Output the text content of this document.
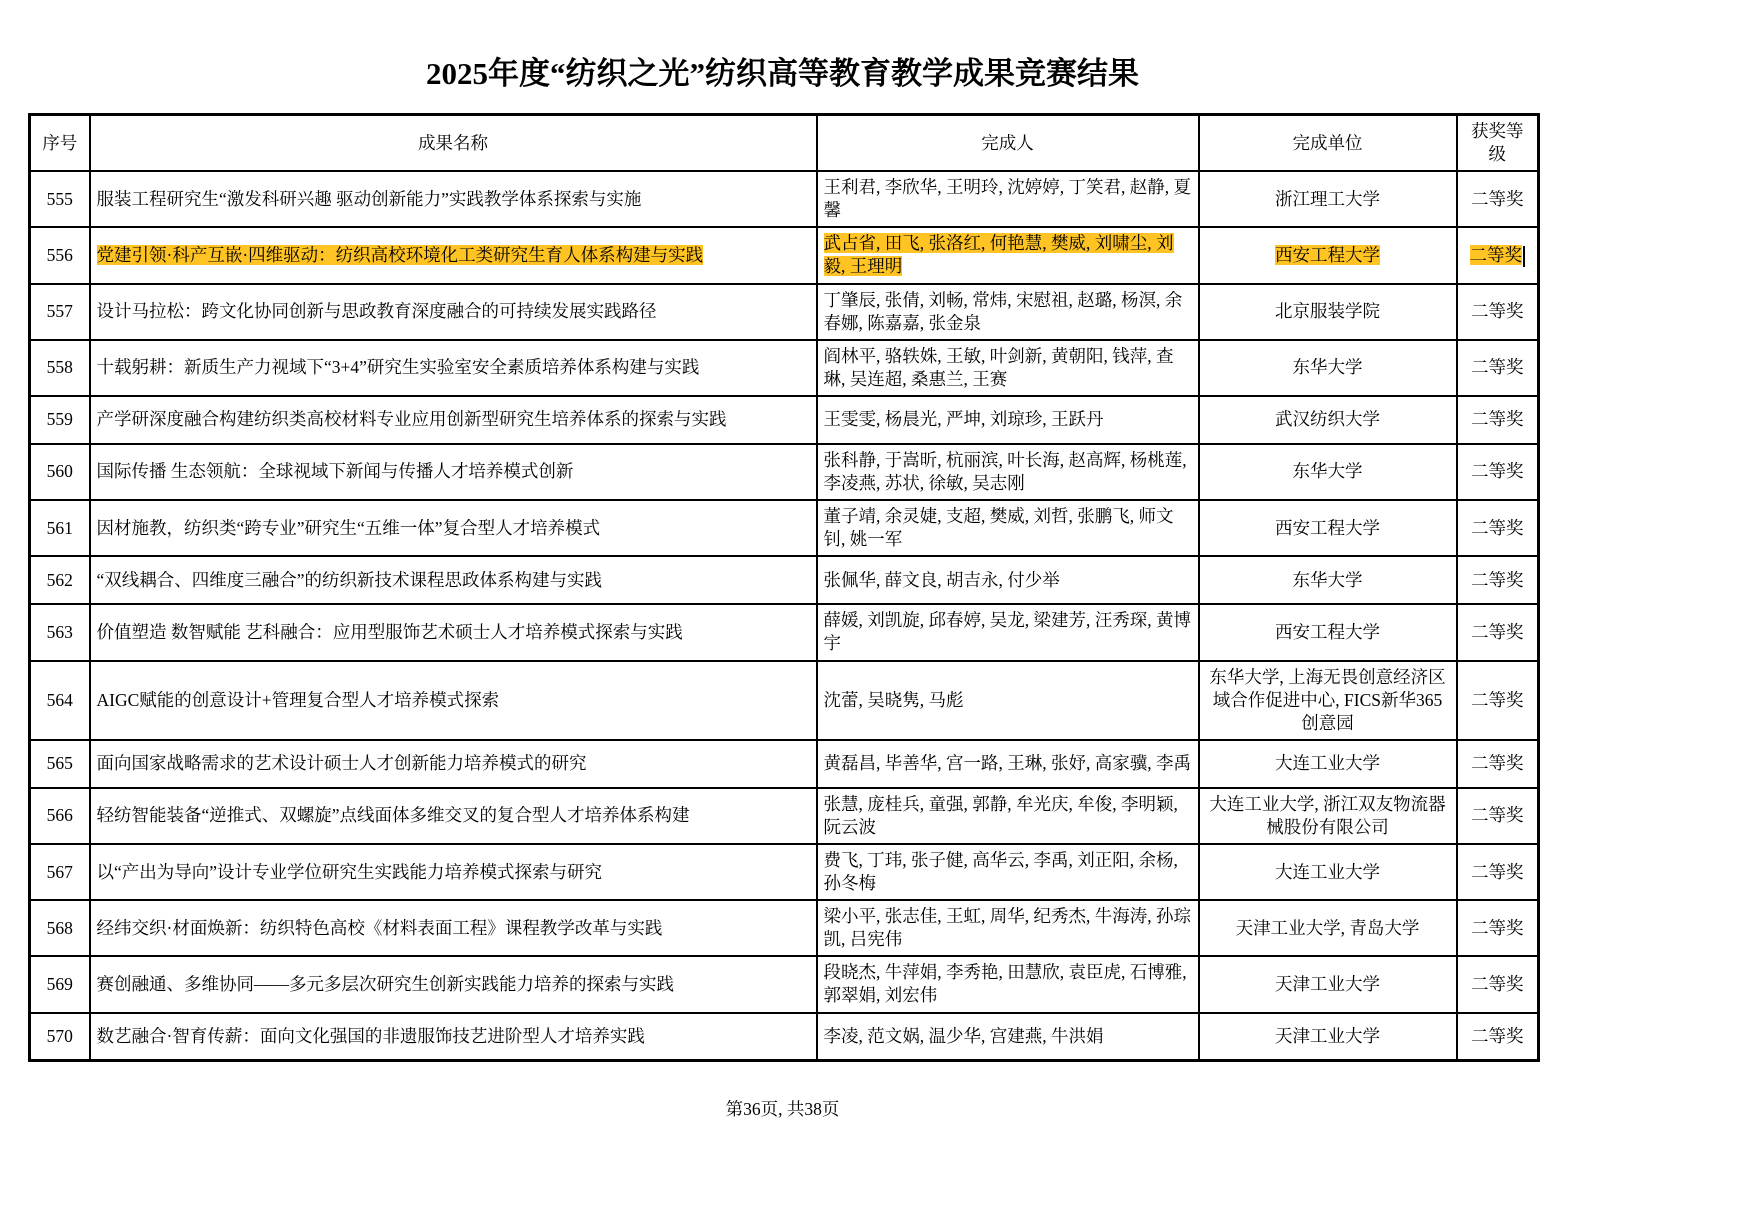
2025年度“纺织之光”纺织高等教育教学成果竞赛结果
序号	成果名称	完成人	完成单位	获奖等级
555	服装工程研究生“激发科研兴趣 驱动创新能力”实践教学体系探索与实施	王利君, 李欣华, 王明玲, 沈婷婷, 丁笑君, 赵静, 夏馨	浙江理工大学	二等奖
556	党建引领·科产互嵌·四维驱动：纺织高校环境化工类研究生育人体系构建与实践	武占省, 田飞, 张洛红, 何艳慧, 樊威, 刘啸尘, 刘毅, 王理明	西安工程大学	二等奖
557	设计马拉松：跨文化协同创新与思政教育深度融合的可持续发展实践路径	丁肇辰, 张倩, 刘畅, 常炜, 宋慰祖, 赵璐, 杨溟, 余春娜, 陈嘉嘉, 张金泉	北京服装学院	二等奖
558	十载躬耕：新质生产力视域下“3+4”研究生实验室安全素质培养体系构建与实践	阎林平, 骆轶姝, 王敏, 叶剑新, 黄朝阳, 钱萍, 查琳, 吴连超, 桑惠兰, 王赛	东华大学	二等奖
559	产学研深度融合构建纺织类高校材料专业应用创新型研究生培养体系的探索与实践	王雯雯, 杨晨光, 严坤, 刘琼珍, 王跃丹	武汉纺织大学	二等奖
560	国际传播 生态领航：全球视域下新闻与传播人才培养模式创新	张科静, 于嵩昕, 杭丽滨, 叶长海, 赵高辉, 杨桃莲, 李凌燕, 苏状, 徐敏, 吴志刚	东华大学	二等奖
561	因材施教，纺织类“跨专业”研究生“五维一体”复合型人才培养模式	董子靖, 余灵婕, 支超, 樊威, 刘哲, 张鹏飞, 师文钊, 姚一军	西安工程大学	二等奖
562	“双线耦合、四维度三融合”的纺织新技术课程思政体系构建与实践	张佩华, 薛文良, 胡吉永, 付少举	东华大学	二等奖
563	价值塑造 数智赋能 艺科融合：应用型服饰艺术硕士人才培养模式探索与实践	薛媛, 刘凯旋, 邱春婷, 吴龙, 梁建芳, 汪秀琛, 黄博宇	西安工程大学	二等奖
564	AIGC赋能的创意设计+管理复合型人才培养模式探索	沈蕾, 吴晓隽, 马彪	东华大学, 上海无畏创意经济区域合作促进中心, FICS新华365创意园	二等奖
565	面向国家战略需求的艺术设计硕士人才创新能力培养模式的研究	黄磊昌, 毕善华, 宫一路, 王琳, 张妤, 高家骥, 李禹	大连工业大学	二等奖
566	轻纺智能装备“逆推式、双螺旋”点线面体多维交叉的复合型人才培养体系构建	张慧, 庞桂兵, 童强, 郭静, 牟光庆, 牟俊, 李明颖, 阮云波	大连工业大学, 浙江双友物流器械股份有限公司	二等奖
567	以“产出为导向”设计专业学位研究生实践能力培养模式探索与研究	费飞, 丁玮, 张子健, 高华云, 李禹, 刘正阳, 余杨, 孙冬梅	大连工业大学	二等奖
568	经纬交织·材面焕新：纺织特色高校《材料表面工程》课程教学改革与实践	梁小平, 张志佳, 王虹, 周华, 纪秀杰, 牛海涛, 孙琮凯, 吕宪伟	天津工业大学, 青岛大学	二等奖
569	赛创融通、多维协同——多元多层次研究生创新实践能力培养的探索与实践	段晓杰, 牛萍娟, 李秀艳, 田慧欣, 袁臣虎, 石博雅, 郭翠娟, 刘宏伟	天津工业大学	二等奖
570	数艺融合·智育传薪：面向文化强国的非遗服饰技艺进阶型人才培养实践	李凌, 范文娲, 温少华, 宫建燕, 牛洪娟	天津工业大学	二等奖
第36页, 共38页
